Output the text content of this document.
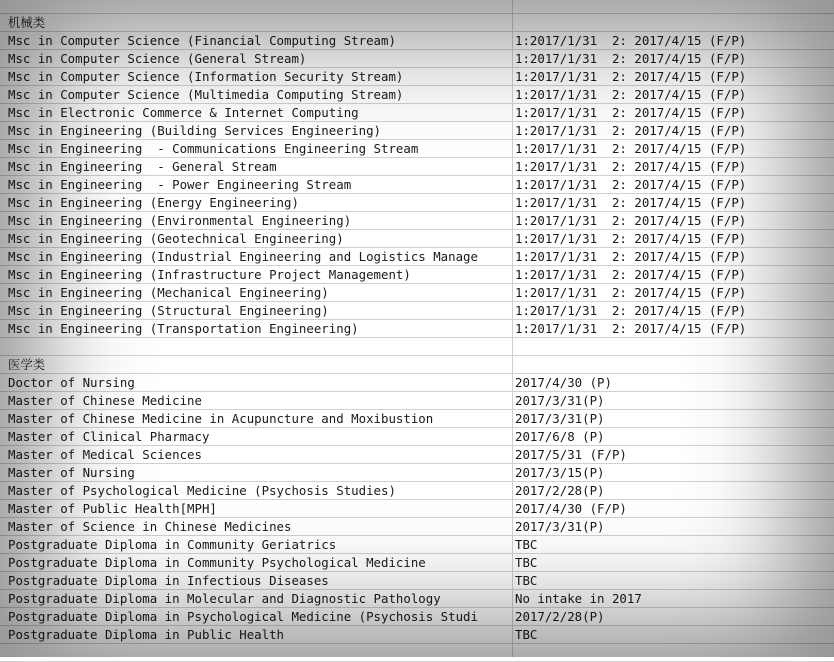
机械类
Msc in Computer Science (Financial Computing Stream)	1:2017/1/31  2: 2017/4/15 (F/P)
Msc in Computer Science (General Stream)	1:2017/1/31  2: 2017/4/15 (F/P)
Msc in Computer Science (Information Security Stream)	1:2017/1/31  2: 2017/4/15 (F/P)
Msc in Computer Science (Multimedia Computing Stream)	1:2017/1/31  2: 2017/4/15 (F/P)
Msc in Electronic Commerce & Internet Computing	1:2017/1/31  2: 2017/4/15 (F/P)
Msc in Engineering (Building Services Engineering)	1:2017/1/31  2: 2017/4/15 (F/P)
Msc in Engineering  - Communications Engineering Stream	1:2017/1/31  2: 2017/4/15 (F/P)
Msc in Engineering  - General Stream	1:2017/1/31  2: 2017/4/15 (F/P)
Msc in Engineering  - Power Engineering Stream	1:2017/1/31  2: 2017/4/15 (F/P)
Msc in Engineering (Energy Engineering)	1:2017/1/31  2: 2017/4/15 (F/P)
Msc in Engineering (Environmental Engineering)	1:2017/1/31  2: 2017/4/15 (F/P)
Msc in Engineering (Geotechnical Engineering)	1:2017/1/31  2: 2017/4/15 (F/P)
Msc in Engineering (Industrial Engineering and Logistics Manage	1:2017/1/31  2: 2017/4/15 (F/P)
Msc in Engineering (Infrastructure Project Management)	1:2017/1/31  2: 2017/4/15 (F/P)
Msc in Engineering (Mechanical Engineering)	1:2017/1/31  2: 2017/4/15 (F/P)
Msc in Engineering (Structural Engineering)	1:2017/1/31  2: 2017/4/15 (F/P)
Msc in Engineering (Transportation Engineering)	1:2017/1/31  2: 2017/4/15 (F/P)
医学类
Doctor of Nursing	2017/4/30 (P)
Master of Chinese Medicine	2017/3/31(P)
Master of Chinese Medicine in Acupuncture and Moxibustion	2017/3/31(P)
Master of Clinical Pharmacy	2017/6/8 (P)
Master of Medical Sciences	2017/5/31 (F/P)
Master of Nursing	2017/3/15(P)
Master of Psychological Medicine (Psychosis Studies)	2017/2/28(P)
Master of Public Health[MPH]	2017/4/30 (F/P)
Master of Science in Chinese Medicines	2017/3/31(P)
Postgraduate Diploma in Community Geriatrics	TBC
Postgraduate Diploma in Community Psychological Medicine	TBC
Postgraduate Diploma in Infectious Diseases	TBC
Postgraduate Diploma in Molecular and Diagnostic Pathology	No intake in 2017
Postgraduate Diploma in Psychological Medicine (Psychosis Studi	2017/2/28(P)
Postgraduate Diploma in Public Health	TBC
